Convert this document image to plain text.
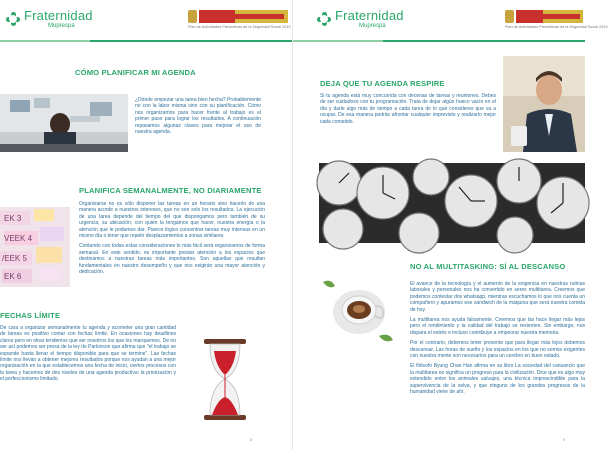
Fraternidad
Muprespa	Plan de Actividades Preventivas de la Seguridad Social 2019
CÓMO PLANIFICAR MI AGENDA
¿Dónde empezar una tarea bien hecha? Probablemente no con la labor misma sino con su planificación. Cómo nos organizamos para hacer frente al trabajo es el primer paso para lograr los resultados. A continuación repasamos algunas claves para mejorar el uso de nuestra agenda.
PLANIFICA SEMANALMENTE, NO DIARIAMENTE
EK 3
VEEK 4
/EEK 5
EK 6

Organizarse no es sólo disponer las tareas en un horario sino hacerlo de una manera acorde a nuestros intereses, que no son solo los resultados. La ejecución de una tarea depende del tiempo del que dispongamos pero también de su urgencia, su ubicación, con quién la tengamos que hacer, nuestra energía o la atención que le podamos dar. Parece lógico concentrar tareas muy intensas en un mismo día o tener que repetir desplazamientos a zonas similares.

Contando con todas estas consideraciones lo más fácil será organizarnos de forma semanal. En este sentido, es importante prestar atención a los espacios que destinamos a nuestras tareas más importantes. Son aquellas que resultan fundamentales en nuestro desempeño y que nos exigirán una mayor atención y dedicación.

FECHAS LÍMITE
De cara a organizar semanalmente tu agenda y acometer una gran cantidad de tareas es positivo contar con fechas límite. En ocasiones hay deadlines claros pero en otras tendemos que ser nosotros los que los marquemos. De no ser así podemos ser presa de la ley de Parkinson que afirma que "el trabajo se expande hasta llenar el tiempo disponible para que se termine". Las fechas límite nos llevan a obtener mejores resultados porque nos ayudan a una mejor organización en la que establecemos una fecha de inicio, ciertos procesos con la tarea y hacemos de dos niveles de una agenda productiva: la priorización y el perfeccionismo limitado.
8
Fraternidad
Muprespa	Plan de Actividades Preventivas de la Seguridad Social 2019
DEJA QUE TU AGENDA RESPIRE
Si tu agenda está muy concurrida con decenas de tareas y reuniones. Debes de ser cuidadoso con tu programación. Trata de dejar algún hueco vacío en el día y darle algo más de tiempo a cada tarea de lo que consideres que va a ocupar. De esa manera podrás afrontar cualquier imprevisto y realizarlo mejor cada cometido.
NO AL MULTITASKING: SÍ AL DESCANSO

El avance de la tecnología y el aumento de la exigencia en nuestras rutinas laborales y personales nos ha convertido en seres multitarea. Creemos que podemos contestar dos whatsapp, mientras escuchamos lo que nos cuenta un compañero y apuramos ese sándwich de la máquina que será nuestra comida de hoy.

La multitarea nos ayuda falsamente. Creemos que las hace llegar más lejos pero el rendimiento y la calidad del trabajo se resienten. Sin embargo, nos dispara el estrés e incluso contribuye a empeorar nuestra memoria.

Por el contrario, debemos tener presente que para llegar más lejos debemos descansar. Las horas de sueño y los espacios en los que no somos exigentes con nuestra mente son necesarios para un cerebro en buen estado.

El filósofo Byung Chan Han afirma en su libro La sociedad del cansancio que la multitarea no significa un progreso para la civilización. Dice que es algo muy extendido entre los animales salvajes, una técnica imprescindible para la supervivencia de la selva, y que ninguno de los grandes progresos de la humanidad viene de ahí.

9
